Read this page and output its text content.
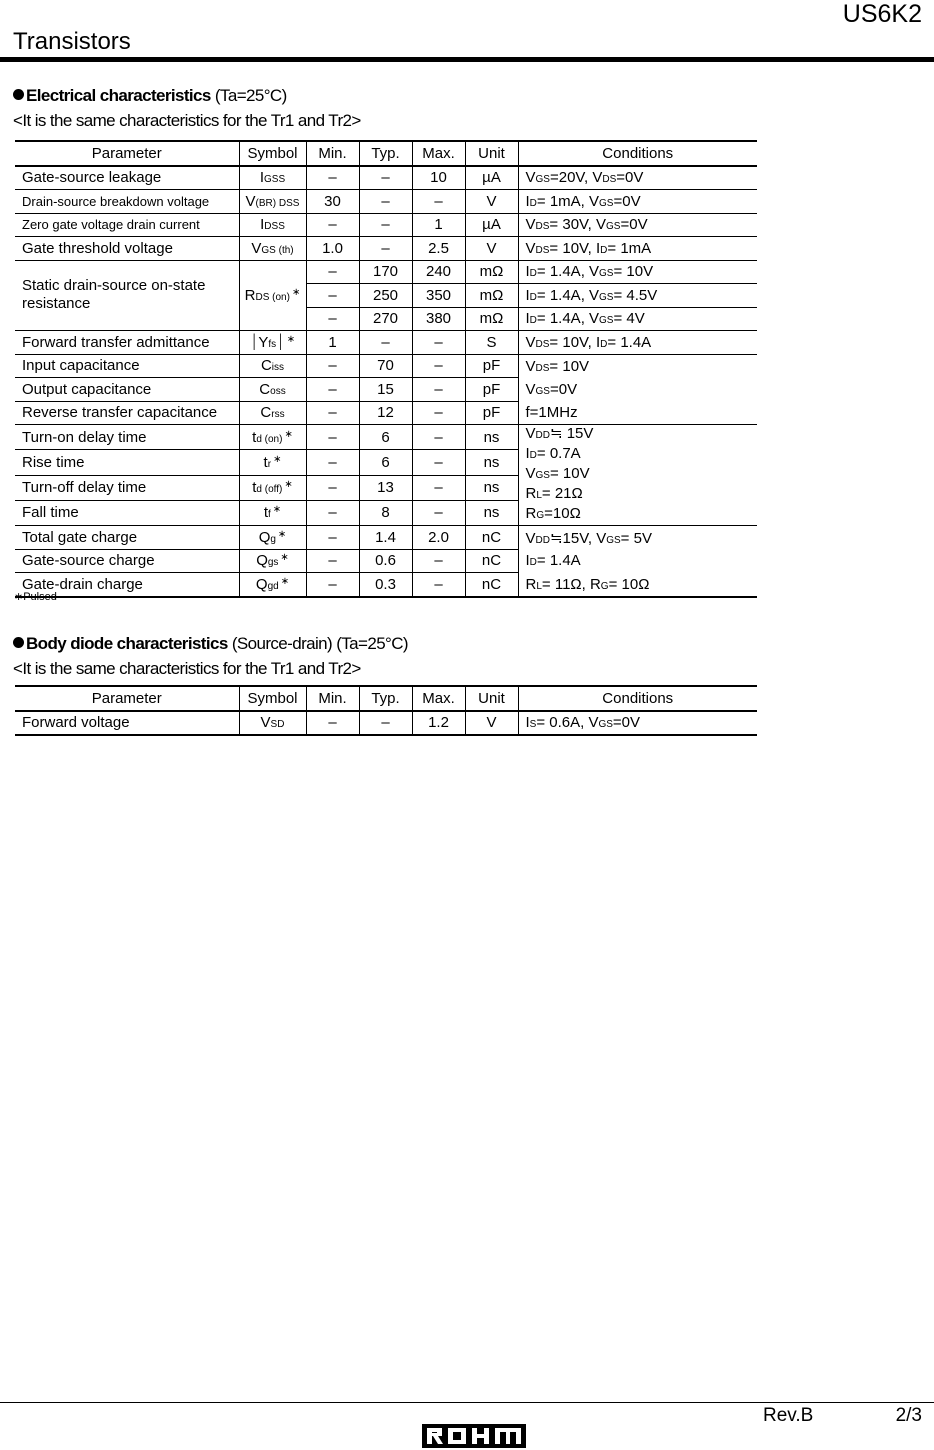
US6K2
Transistors
Electrical characteristics (Ta=25°C)
<It is the same characteristics for the Tr1 and Tr2>
Parameter	Symbol	Min.	Typ.	Max.	Unit	Conditions
Gate-source leakage	IGSS	–	–	10	µA	VGS=20V, VDS=0V
Drain-source breakdown voltage	V(BR) DSS	30	–	–	V	ID= 1mA, VGS=0V
Zero gate voltage drain current	IDSS	–	–	1	µA	VDS= 30V, VGS=0V
Gate threshold voltage	VGS (th)	1.0	–	2.5	V	VDS= 10V, ID= 1mA
Static drain-source on-state resistance	RDS (on) ∗	–	170	240	mΩ	ID= 1.4A, VGS= 10V
		–	250	350	mΩ	ID= 1.4A, VGS= 4.5V
		–	270	380	mΩ	ID= 1.4A, VGS= 4V
Forward transfer admittance	⏐Yfs⏐ ∗	1	–	–	S	VDS= 10V, ID= 1.4A
Input capacitance	Ciss	–	70	–	pF	VDS= 10V
Output capacitance	Coss	–	15	–	pF	VGS=0V
Reverse transfer capacitance	Crss	–	12	–	pF	f=1MHz
Turn-on delay time	td (on) ∗	–	6	–	ns	VDD≒ 15V
ID= 0.7A
VGS= 10V
RL= 21Ω
RG=10Ω
Rise time	tr ∗	–	6	–	ns	
Turn-off delay time	td (off) ∗	–	13	–	ns	
Fall time	tf ∗	–	8	–	ns	
Total gate charge	Qg ∗	–	1.4	2.0	nC	VDD≒15V, VGS= 5V
Gate-source charge	Qgs ∗	–	0.6	–	nC	ID= 1.4A
Gate-drain charge	Qgd ∗	–	0.3	–	nC	RL= 11Ω, RG= 10Ω
∗Pulsed
Body diode characteristics (Source-drain) (Ta=25°C)
<It is the same characteristics for the Tr1 and Tr2>
Parameter	Symbol	Min.	Typ.	Max.	Unit	Conditions
Forward voltage	VSD	–	–	1.2	V	IS= 0.6A, VGS=0V
Rev.B	2/3
